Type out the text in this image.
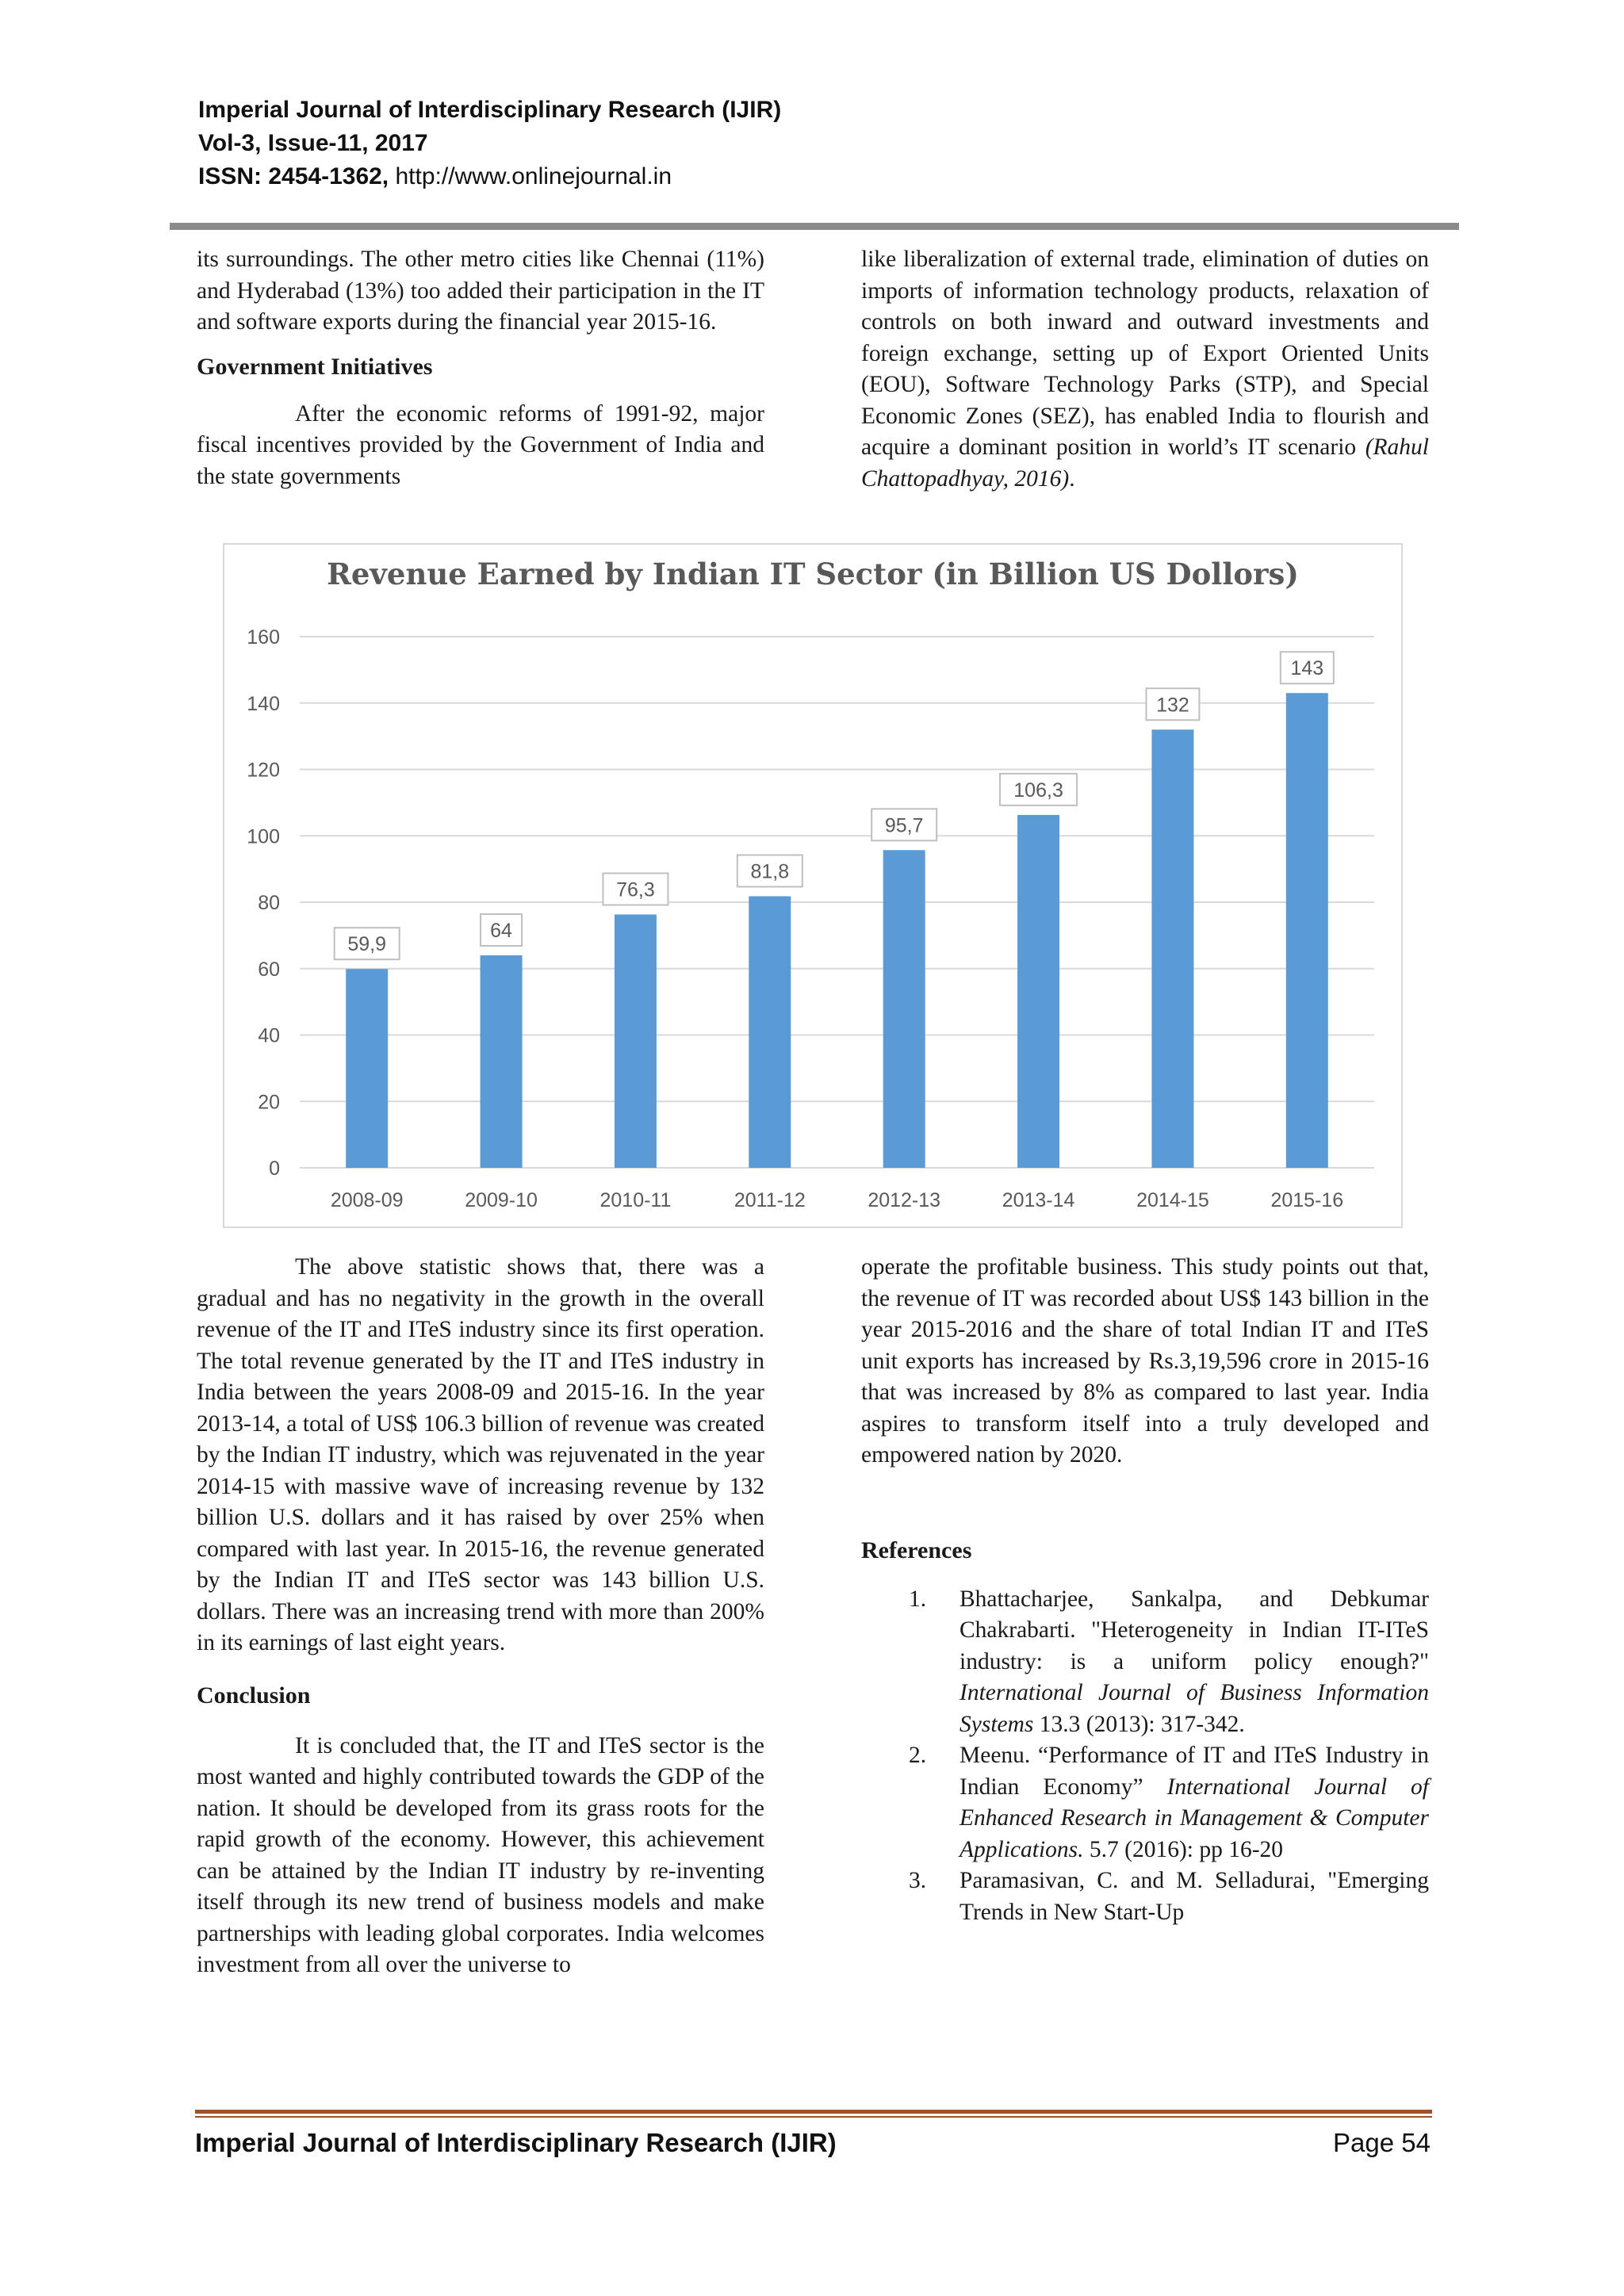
Imperial Journal of Interdisciplinary Research (IJIR)
Vol-3, Issue-11, 2017
ISSN: 2454-1362, http://www.onlinejournal.in

its surroundings. The other metro cities like Chennai (11%) and Hyderabad (13%) too added their participation in the IT and software exports during the financial year 2015-16.

Government Initiatives

After the economic reforms of 1991-92, major fiscal incentives provided by the Government of India and the state governments

like liberalization of external trade, elimination of duties on imports of information technology products, relaxation of controls on both inward and outward investments and foreign exchange, setting up of Export Oriented Units (EOU), Software Technology Parks (STP), and Special Economic Zones (SEZ), has enabled India to flourish and acquire a dominant position in world’s IT scenario (Rahul Chattopadhyay, 2016).

Revenue Earned by Indian IT Sector (in Billion US Dollors)
0
20
40
60
80
100
120
140
160
59,9
64
76,3
81,8
95,7
106,3
132
143
2008-09	2009-10	2010-11	2011-12	2012-13	2013-14	2014-15	2015-16

The above statistic shows that, there was a gradual and has no negativity in the growth in the overall revenue of the IT and ITeS industry since its first operation. The total revenue generated by the IT and ITeS industry in India between the years 2008-09 and 2015-16. In the year 2013-14, a total of US$ 106.3 billion of revenue was created by the Indian IT industry, which was rejuvenated in the year 2014-15 with massive wave of increasing revenue by 132 billion U.S. dollars and it has raised by over 25% when compared with last year. In 2015-16, the revenue generated by the Indian IT and ITeS sector was 143 billion U.S. dollars. There was an increasing trend with more than 200% in its earnings of last eight years.

Conclusion

It is concluded that, the IT and ITeS sector is the most wanted and highly contributed towards the GDP of the nation. It should be developed from its grass roots for the rapid growth of the economy. However, this achievement can be attained by the Indian IT industry by re-inventing itself through its new trend of business models and make partnerships with leading global corporates. India welcomes investment from all over the universe to

operate the profitable business. This study points out that, the revenue of IT was recorded about US$ 143 billion in the year 2015-2016 and the share of total Indian IT and ITeS unit exports has increased by Rs.3,19,596 crore in 2015-16 that was increased by 8% as compared to last year. India aspires to transform itself into a truly developed and empowered nation by 2020.

References
1. Bhattacharjee, Sankalpa, and Debkumar Chakrabarti. "Heterogeneity in Indian IT-ITeS industry: is a uniform policy enough?" International Journal of Business Information Systems 13.3 (2013): 317-342.
2. Meenu. “Performance of IT and ITeS Industry in Indian Economy” International Journal of Enhanced Research in Management & Computer Applications. 5.7 (2016): pp 16-20
3. Paramasivan, C. and M. Selladurai, "Emerging Trends in New Start-Up
Imperial Journal of Interdisciplinary Research (IJIR)	Page 54
